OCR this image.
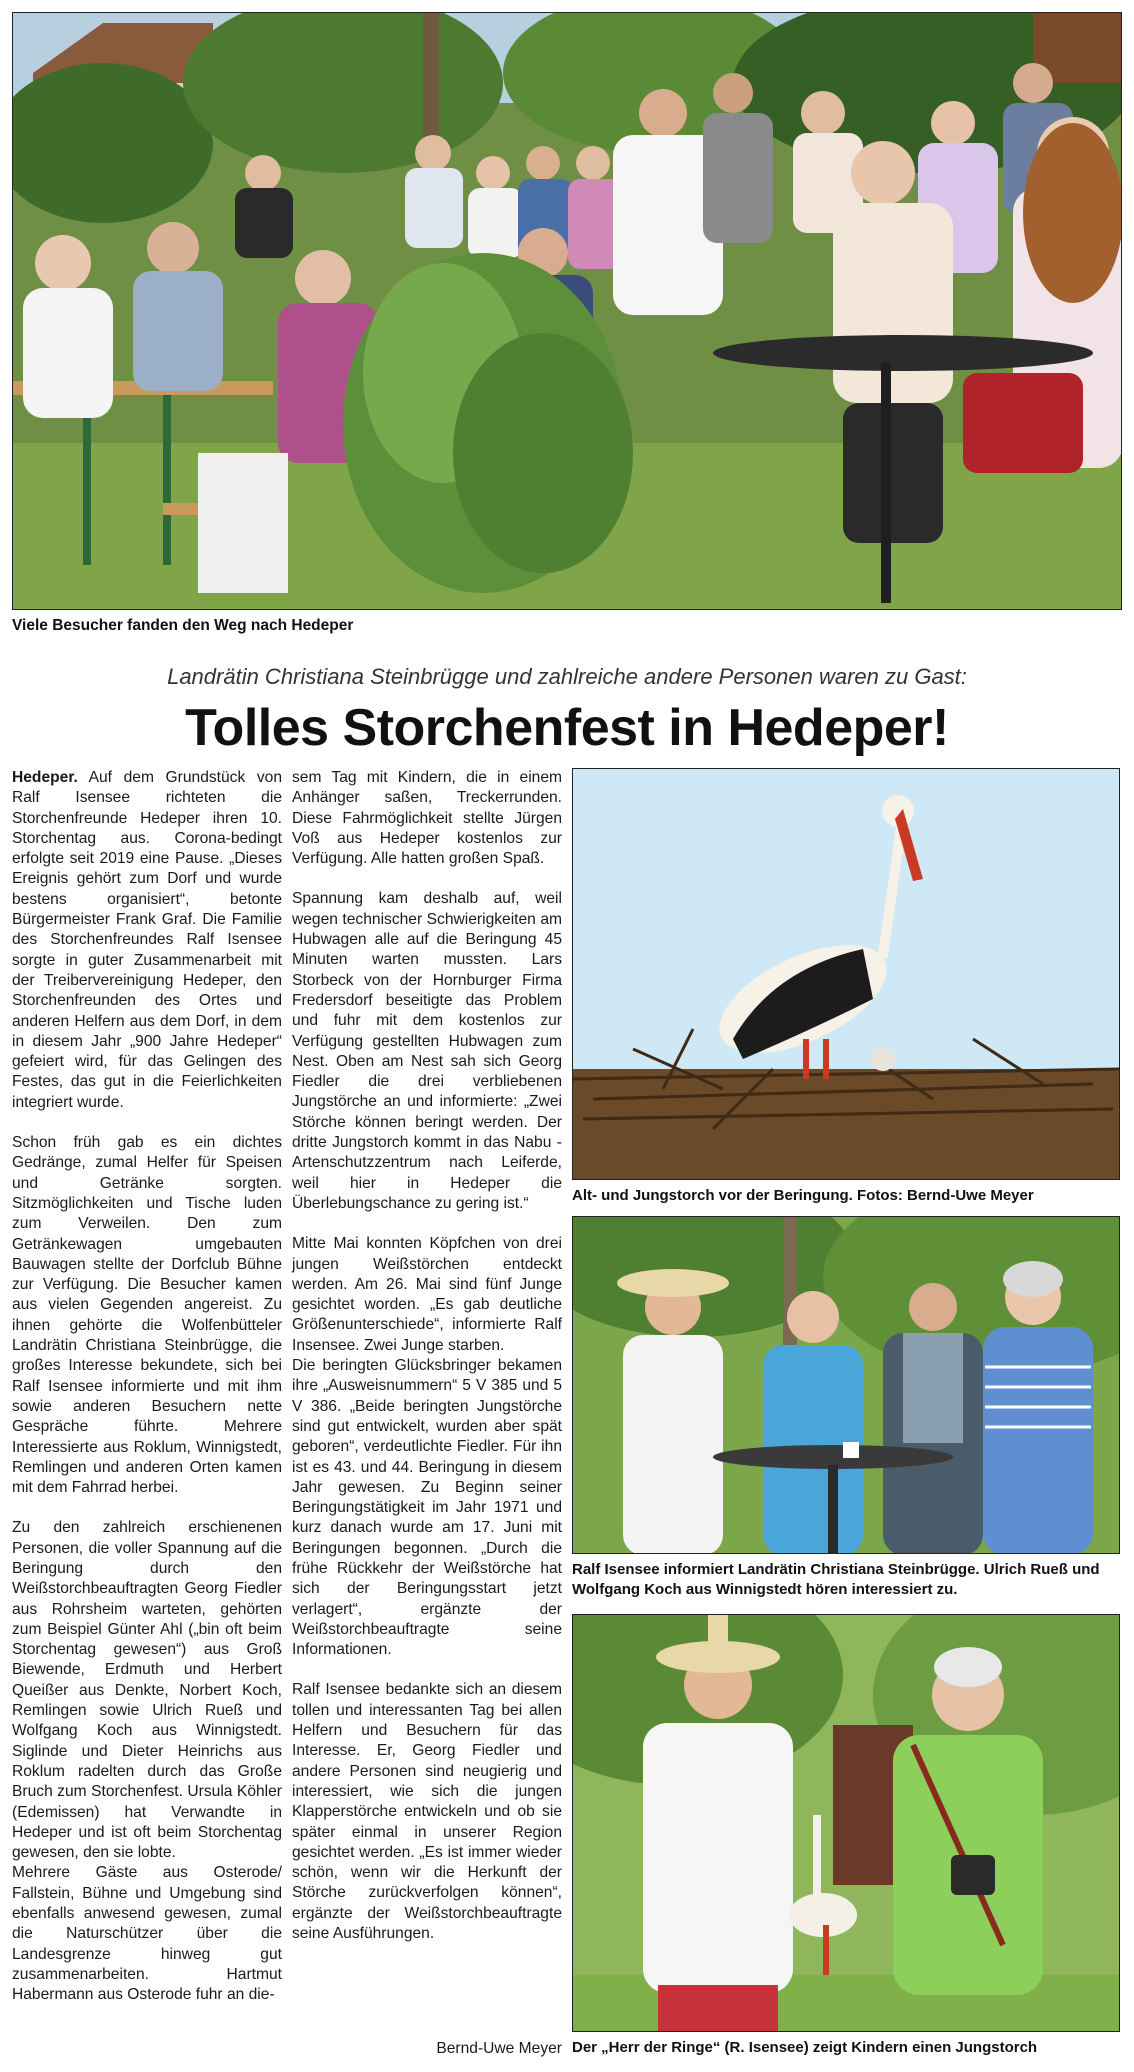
Viele Besucher fanden den Weg nach Hedeper
Landrätin Christiana Steinbrügge und zahlreiche andere Personen waren zu Gast:
Tolles Storchenfest in Hedeper!

Hedeper. Auf dem Grundstück von Ralf Isensee richteten die Storchenfreunde Hedeper ihren 10. Storchentag aus. Corona-bedingt erfolgte seit 2019 eine Pause. „Dieses Ereignis gehört zum Dorf und wurde bestens organisiert“, betonte Bürgermeister Frank Graf. Die Familie des Storchenfreundes Ralf Isensee sorgte in guter Zusammenarbeit mit der Treibervereinigung Hedeper, den Storchenfreunden des Ortes und anderen Helfern aus dem Dorf, in dem in diesem Jahr „900 Jahre Hedeper“ gefeiert wird, für das Gelingen des Festes, das gut in die Feierlichkeiten integriert wurde.

Schon früh gab es ein dichtes Gedränge, zumal Helfer für Speisen und Getränke sorgten. Sitzmöglichkeiten und Tische luden zum Verweilen. Den zum Getränkewagen umgebauten Bauwagen stellte der Dorfclub Bühne zur Verfügung. Die Besucher kamen aus vielen Gegenden angereist. Zu ihnen gehörte die Wolfenbütteler Landrätin Christiana Steinbrügge, die großes Interesse bekundete, sich bei Ralf Isensee informierte und mit ihm sowie anderen Besuchern nette Gespräche führte. Mehrere Interessierte aus Roklum, Winnigstedt, Remlingen und anderen Orten kamen mit dem Fahrrad herbei.

Zu den zahlreich erschienenen Personen, die voller Spannung auf die Beringung durch den Weißstorchbeauftragten Georg Fiedler aus Rohrsheim warteten, gehörten zum Beispiel Günter Ahl („bin oft beim Storchentag gewesen“) aus Groß Biewende, Erdmuth und Herbert Queißer aus Denkte, Norbert Koch, Remlingen sowie Ulrich Rueß und Wolfgang Koch aus Winnigstedt. Siglinde und Dieter Heinrichs aus Roklum radelten durch das Große Bruch zum Storchenfest. Ursula Köhler (Edemissen) hat Verwandte in Hedeper und ist oft beim Storchentag gewesen, den sie lobte.

Mehrere Gäste aus Osterode/ Fallstein, Bühne und Umgebung sind ebenfalls anwesend gewesen, zumal die Naturschützer über die Landesgrenze hinweg gut zusammenarbeiten. Hartmut Habermann aus Osterode fuhr an die-

sem Tag mit Kindern, die in einem Anhänger saßen, Treckerrunden. Diese Fahrmöglichkeit stellte Jürgen Voß aus Hedeper kostenlos zur Verfügung. Alle hatten großen Spaß.

Spannung kam deshalb auf, weil wegen technischer Schwierigkeiten am Hubwagen alle auf die Beringung 45 Minuten warten mussten. Lars Storbeck von der Hornburger Firma Fredersdorf beseitigte das Problem und fuhr mit dem kostenlos zur Verfügung gestellten Hubwagen zum Nest. Oben am Nest sah sich Georg Fiedler die drei verbliebenen Jungstörche an und informierte: „Zwei Störche können beringt werden. Der dritte Jungstorch kommt in das Nabu - Artenschutzzentrum nach Leiferde, weil hier in Hedeper die Überlebungschance zu gering ist.“

Mitte Mai konnten Köpfchen von drei jungen Weißstörchen entdeckt werden. Am 26. Mai sind fünf Junge gesichtet worden. „Es gab deutliche Größenunterschiede“, informierte Ralf Insensee. Zwei Junge starben.

Die beringten Glücksbringer bekamen ihre „Ausweisnummern“ 5 V 385 und 5 V 386. „Beide beringten Jungstörche sind gut entwickelt, wurden aber spät geboren“, verdeutlichte Fiedler. Für ihn ist es 43. und 44. Beringung in diesem Jahr gewesen. Zu Beginn seiner Beringungstätigkeit im Jahr 1971 und kurz danach wurde am 17. Juni mit Beringungen begonnen. „Durch die frühe Rückkehr der Weißstörche hat sich der Beringungsstart jetzt verlagert“, ergänzte der Weißstorchbeauftragte seine Informationen.

Ralf Isensee bedankte sich an diesem tollen und interessanten Tag bei allen Helfern und Besuchern für das Interesse. Er, Georg Fiedler und andere Personen sind neugierig und interessiert, wie sich die jungen Klapperstörche entwickeln und ob sie später einmal in unserer Region gesichtet werden. „Es ist immer wieder schön, wenn wir die Herkunft der Störche zurückverfolgen können“, ergänzte der Weißstorchbeauftragte seine Ausführungen.

Bernd-Uwe Meyer
Alt- und Jungstorch vor der Beringung. Fotos: Bernd-Uwe Meyer
Ralf Isensee informiert Landrätin Christiana Steinbrügge. Ulrich Rueß und Wolfgang Koch aus Winnigstedt hören interessiert zu.
Der „Herr der Ringe“ (R. Isensee) zeigt Kindern einen Jungstorch
